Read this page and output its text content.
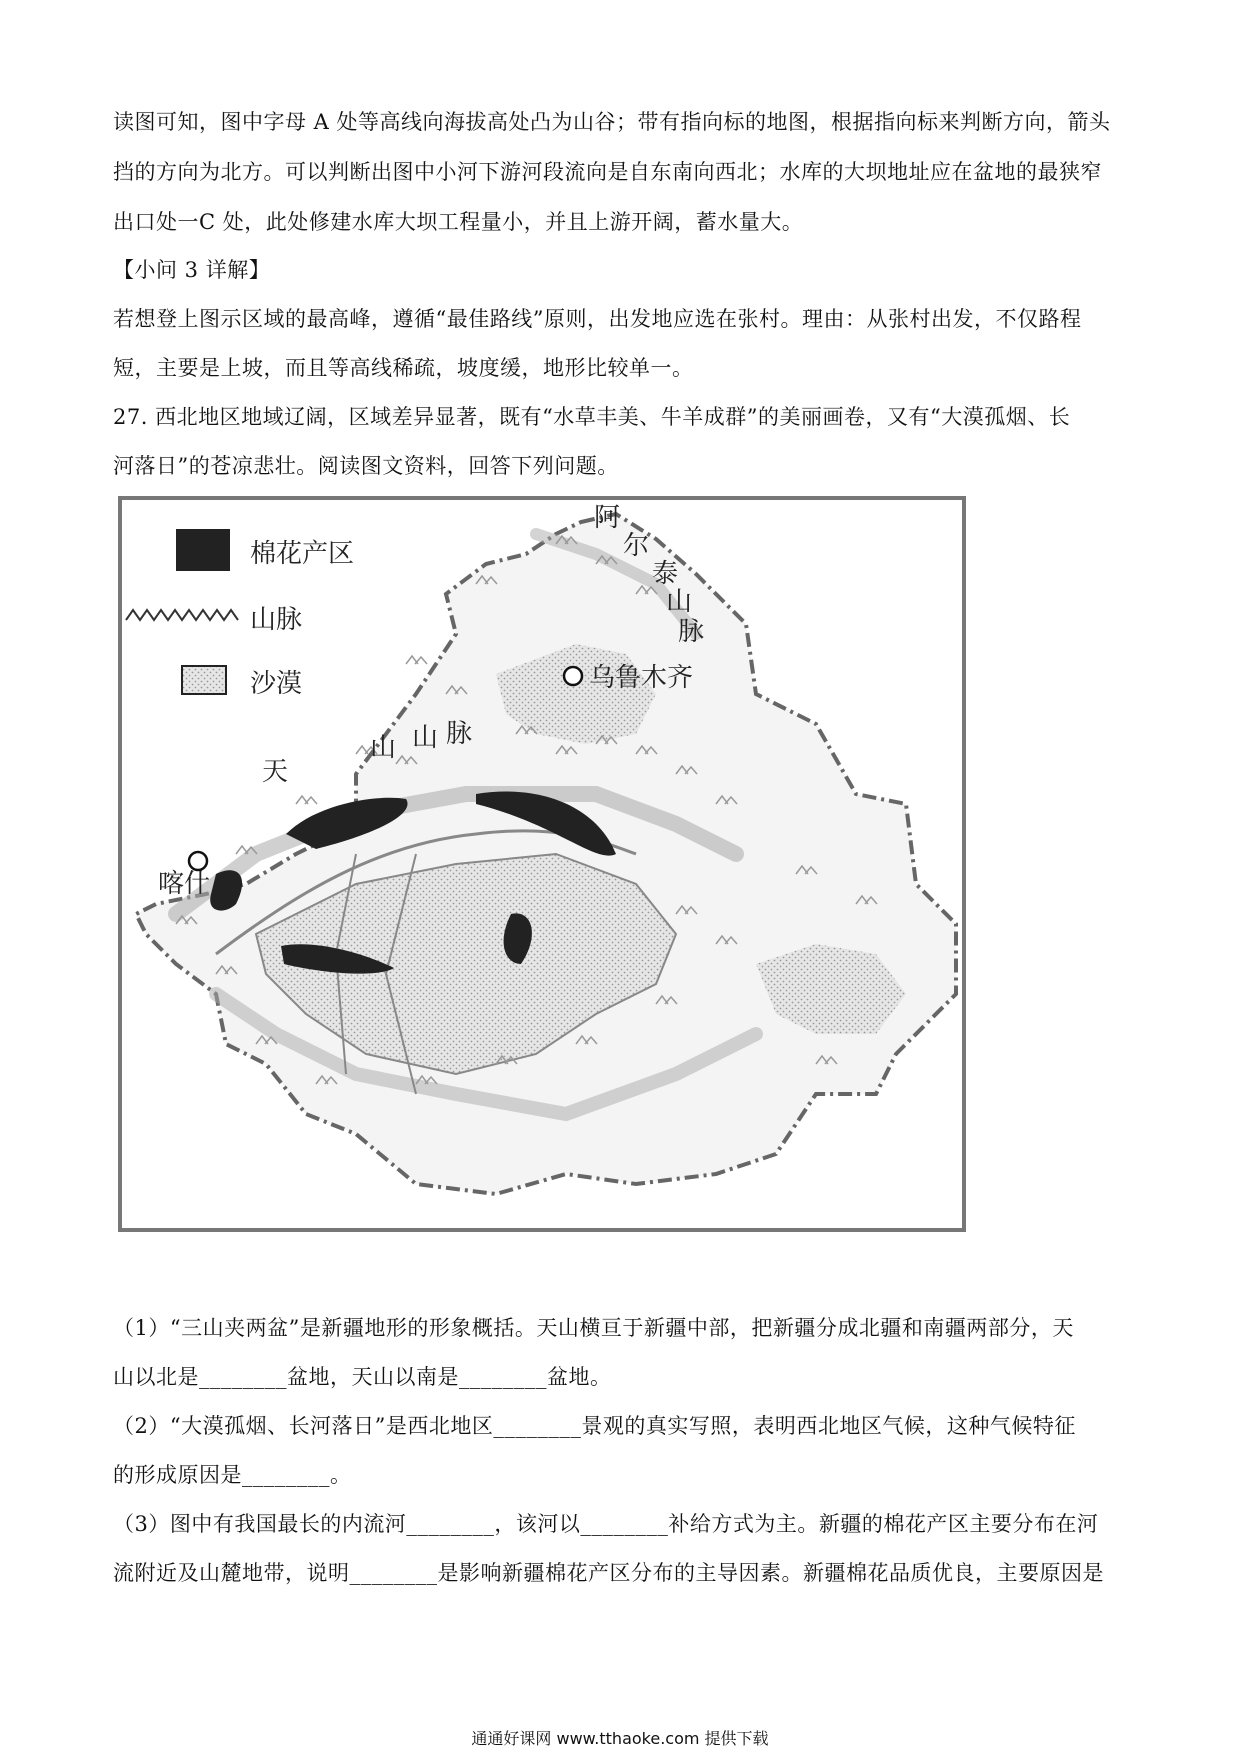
读图可知，图中字母 A 处等高线向海拔高处凸为山谷；带有指向标的地图，根据指向标来判断方向，箭头
挡的方向为北方。可以判断出图中小河下游河段流向是自东南向西北；水库的大坝地址应在盆地的最狭窄
出口处一C 处，此处修建水库大坝工程量小，并且上游开阔，蓄水量大。
【小问 3 详解】
若想登上图示区域的最高峰，遵循“最佳路线”原则，出发地应选在张村。理由：从张村出发，不仅路程
短，主要是上坡，而且等高线稀疏，坡度缓，地形比较单一。
27. 西北地区地域辽阔，区域差异显著，既有“水草丰美、牛羊成群”的美丽画卷，又有“大漠孤烟、长
河落日”的苍凉悲壮。阅读图文资料，回答下列问题。
乌鲁木齐
喀什
阿
尔
泰
山
脉
天
山 山 脉
棉花产区
山脉
沙漠
（1）“三山夹两盆”是新疆地形的形象概括。天山横亘于新疆中部，把新疆分成北疆和南疆两部分，天
山以北是________盆地，天山以南是________盆地。
（2）“大漠孤烟、长河落日”是西北地区________景观的真实写照，表明西北地区气候，这种气候特征
的形成原因是________。
（3）图中有我国最长的内流河________，该河以________补给方式为主。新疆的棉花产区主要分布在河
流附近及山麓地带，说明________是影响新疆棉花产区分布的主导因素。新疆棉花品质优良，主要原因是
通通好课网 www.tthaoke.com 提供下载
